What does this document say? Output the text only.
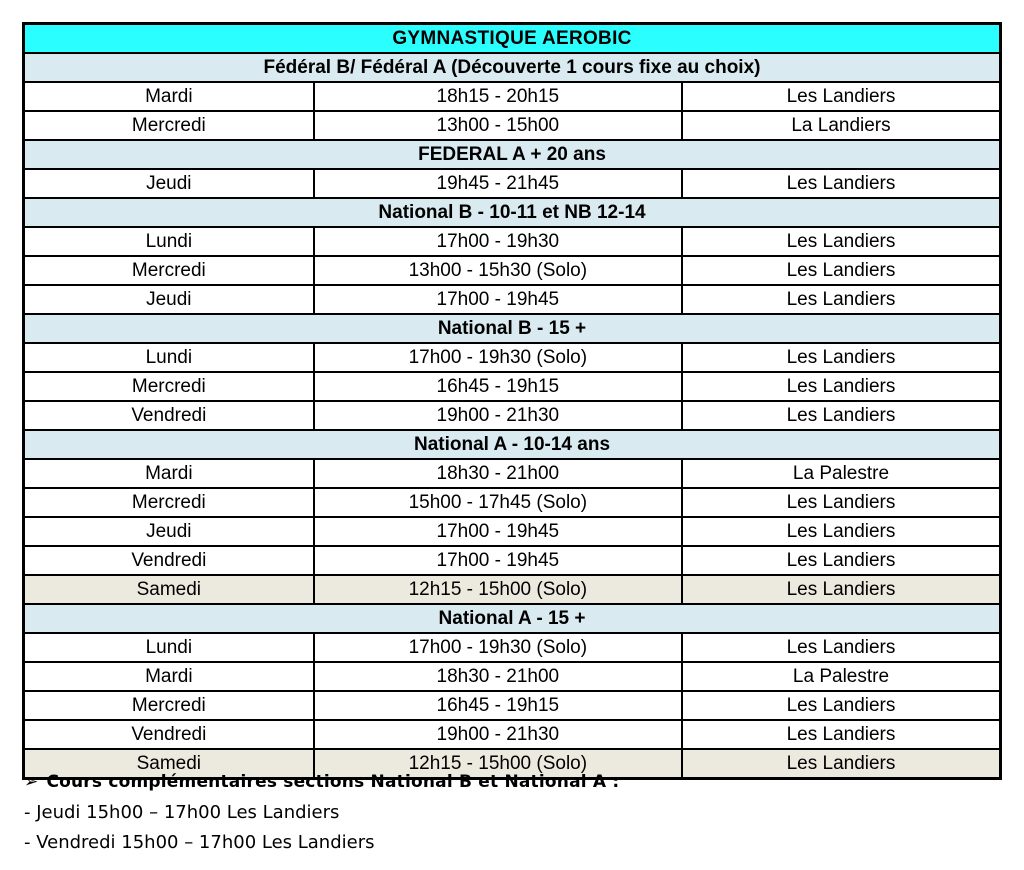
GYMNASTIQUE AEROBIC		
Fédéral B/ Fédéral A (Découverte 1 cours fixe au choix)		
Mardi	18h15 - 20h15	Les Landiers
Mercredi	13h00 - 15h00	La Landiers
FEDERAL A + 20 ans		
Jeudi	19h45 - 21h45	Les Landiers
National B - 10-11 et NB 12-14		
Lundi	17h00 - 19h30	Les Landiers
Mercredi	13h00 - 15h30 (Solo)	Les Landiers
Jeudi	17h00 - 19h45	Les Landiers
National B - 15 +		
Lundi	17h00 - 19h30 (Solo)	Les Landiers
Mercredi	16h45 - 19h15	Les Landiers
Vendredi	19h00 - 21h30	Les Landiers
National A - 10-14 ans		
Mardi	18h30 - 21h00	La Palestre
Mercredi	15h00 - 17h45 (Solo)	Les Landiers
Jeudi	17h00 - 19h45	Les Landiers
Vendredi	17h00 - 19h45	Les Landiers
Samedi	12h15 - 15h00 (Solo)	Les Landiers
National A - 15 +		
Lundi	17h00 - 19h30 (Solo)	Les Landiers
Mardi	18h30 - 21h00	La Palestre
Mercredi	16h45 - 19h15	Les Landiers
Vendredi	19h00 - 21h30	Les Landiers
Samedi	12h15 - 15h00 (Solo)	Les Landiers
➢ Cours complémentaires sections National B et National A :
- Jeudi 15h00 – 17h00 Les Landiers
- Vendredi 15h00 – 17h00 Les Landiers
